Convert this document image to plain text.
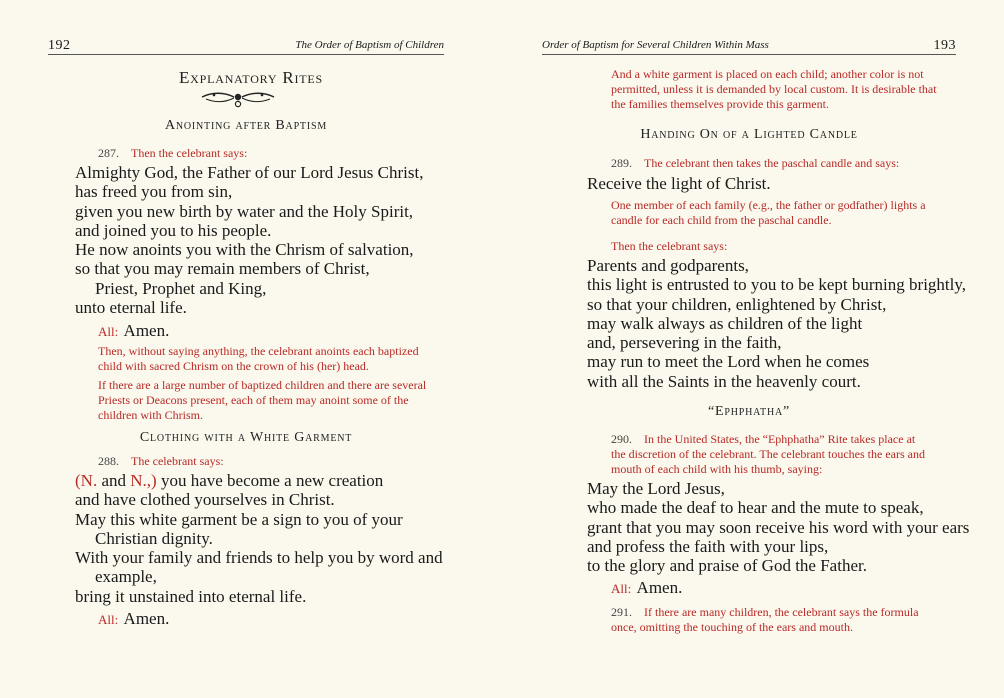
192	The Order of Baptism of Children
Explanatory Rites
Anointing after Baptism
287. Then the celebrant says:
Almighty God, the Father of our Lord Jesus Christ,
has freed you from sin,
given you new birth by water and the Holy Spirit,
and joined you to his people.
He now anoints you with the Chrism of salvation,
so that you may remain members of Christ,
Priest, Prophet and King,
unto eternal life.
All: Amen.
Then, without saying anything, the celebrant anoints each baptized
child with sacred Chrism on the crown of his (her) head.
If there are a large number of baptized children and there are several
Priests or Deacons present, each of them may anoint some of the
children with Chrism.
Clothing with a White Garment
288. The celebrant says:
(N. and N.,) you have become a new creation
and have clothed yourselves in Christ.
May this white garment be a sign to you of your
Christian dignity.
With your family and friends to help you by word and
example,
bring it unstained into eternal life.
All: Amen.
Order of Baptism for Several Children Within Mass	193
And a white garment is placed on each child; another color is not
permitted, unless it is demanded by local custom. It is desirable that
the families themselves provide this garment.
Handing On of a Lighted Candle
289. The celebrant then takes the paschal candle and says:
Receive the light of Christ.
One member of each family (e.g., the father or godfather) lights a
candle for each child from the paschal candle.
Then the celebrant says:
Parents and godparents,
this light is entrusted to you to be kept burning brightly,
so that your children, enlightened by Christ,
may walk always as children of the light
and, persevering in the faith,
may run to meet the Lord when he comes
with all the Saints in the heavenly court.
“Ephphatha”
290. In the United States, the “Ephphatha” Rite takes place at
the discretion of the celebrant. The celebrant touches the ears and
mouth of each child with his thumb, saying:
May the Lord Jesus,
who made the deaf to hear and the mute to speak,
grant that you may soon receive his word with your ears
and profess the faith with your lips,
to the glory and praise of God the Father.
All: Amen.
291. If there are many children, the celebrant says the formula
once, omitting the touching of the ears and mouth.
